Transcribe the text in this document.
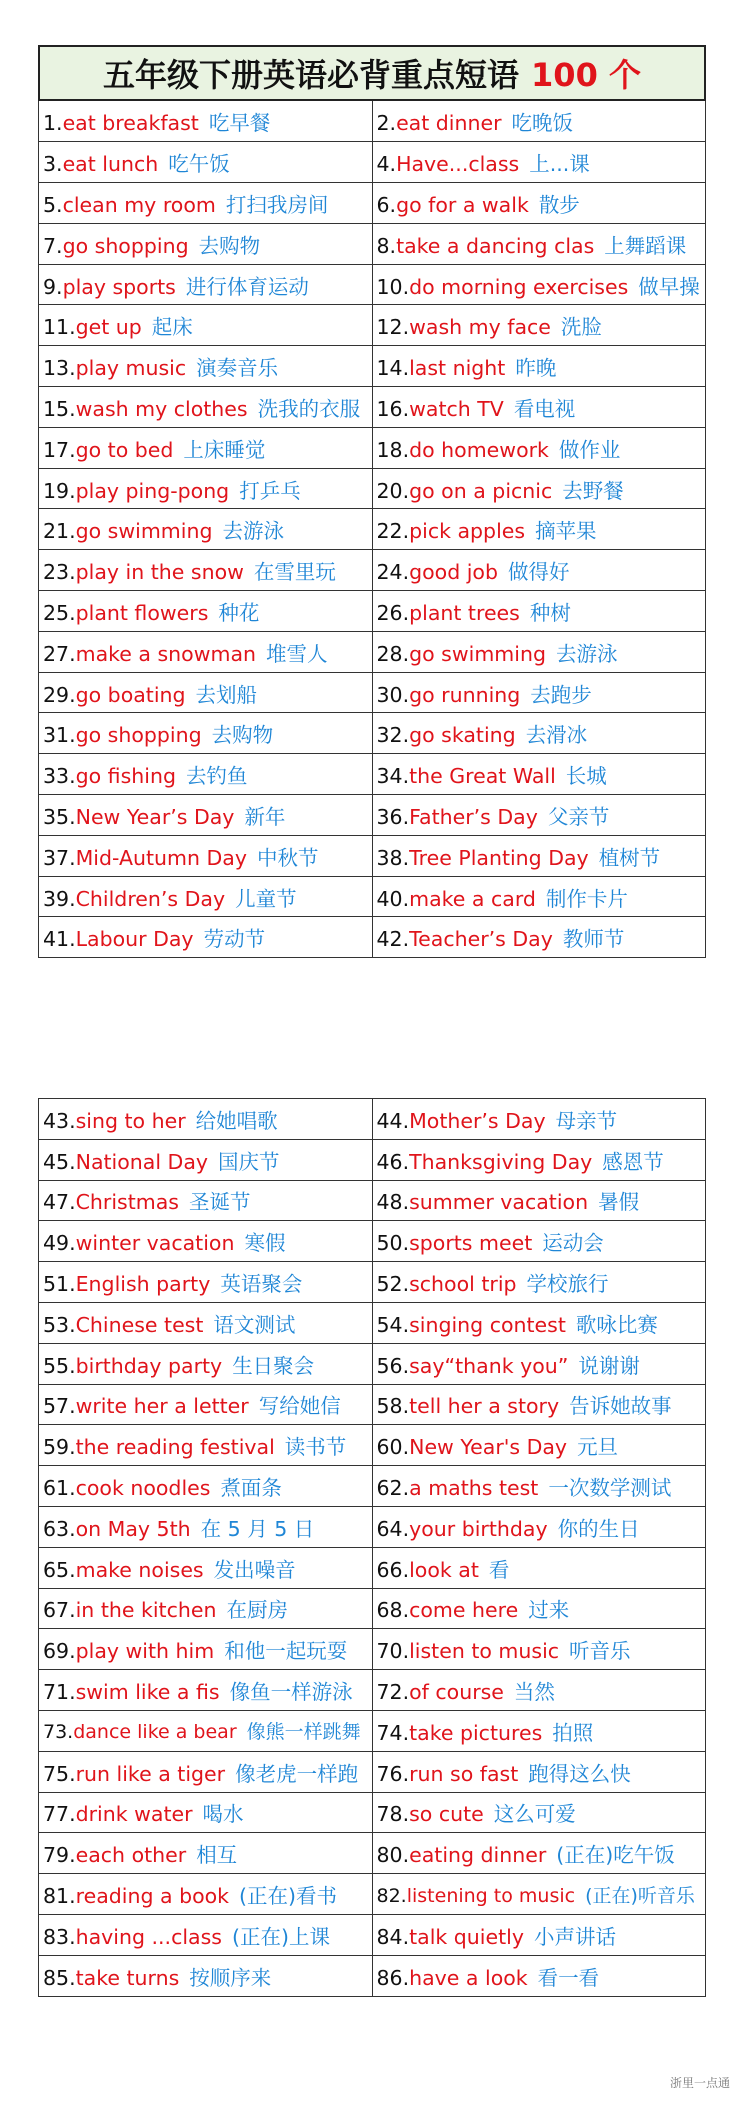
五年级下册英语必背重点短语 100 个
1.eat breakfast 吃早餐	2.eat dinner 吃晚饭
3.eat lunch 吃午饭	4.Have...class 上...课
5.clean my room 打扫我房间	6.go for a walk 散步
7.go shopping 去购物	8.take a dancing clas 上舞蹈课
9.play sports 进行体育运动	10.do morning exercises 做早操
11.get up 起床	12.wash my face 洗脸
13.play music 演奏音乐	14.last night 昨晚
15.wash my clothes 洗我的衣服	16.watch TV 看电视
17.go to bed 上床睡觉	18.do homework 做作业
19.play ping-pong 打乒乓	20.go on a picnic 去野餐
21.go swimming 去游泳	22.pick apples 摘苹果
23.play in the snow 在雪里玩	24.good job 做得好
25.plant flowers 种花	26.plant trees 种树
27.make a snowman 堆雪人	28.go swimming 去游泳
29.go boating 去划船	30.go running 去跑步
31.go shopping 去购物	32.go skating 去滑冰
33.go fishing 去钓鱼	34.the Great Wall 长城
35.New Year’s Day 新年	36.Father’s Day 父亲节
37.Mid-Autumn Day 中秋节	38.Tree Planting Day 植树节
39.Children’s Day 儿童节	40.make a card 制作卡片
41.Labour Day 劳动节	42.Teacher’s Day 教师节
43.sing to her 给她唱歌	44.Mother’s Day 母亲节
45.National Day 国庆节	46.Thanksgiving Day 感恩节
47.Christmas 圣诞节	48.summer vacation 暑假
49.winter vacation 寒假	50.sports meet 运动会
51.English party 英语聚会	52.school trip 学校旅行
53.Chinese test 语文测试	54.singing contest 歌咏比赛
55.birthday party 生日聚会	56.say“thank you” 说谢谢
57.write her a letter 写给她信	58.tell her a story 告诉她故事
59.the reading festival 读书节	60.New Year's Day 元旦
61.cook noodles 煮面条	62.a maths test 一次数学测试
63.on May 5th 在 5 月 5 日	64.your birthday 你的生日
65.make noises 发出噪音	66.look at 看
67.in the kitchen 在厨房	68.come here 过来
69.play with him 和他一起玩耍	70.listen to music 听音乐
71.swim like a fis 像鱼一样游泳	72.of course 当然
73.dance like a bear 像熊一样跳舞	74.take pictures 拍照
75.run like a tiger 像老虎一样跑	76.run so fast 跑得这么快
77.drink water 喝水	78.so cute 这么可爱
79.each other 相互	80.eating dinner (正在)吃午饭
81.reading a book (正在)看书	82.listening to music (正在)听音乐
83.having ...class (正在)上课	84.talk quietly 小声讲话
85.take turns 按顺序来	86.have a look 看一看
浙里一点通
